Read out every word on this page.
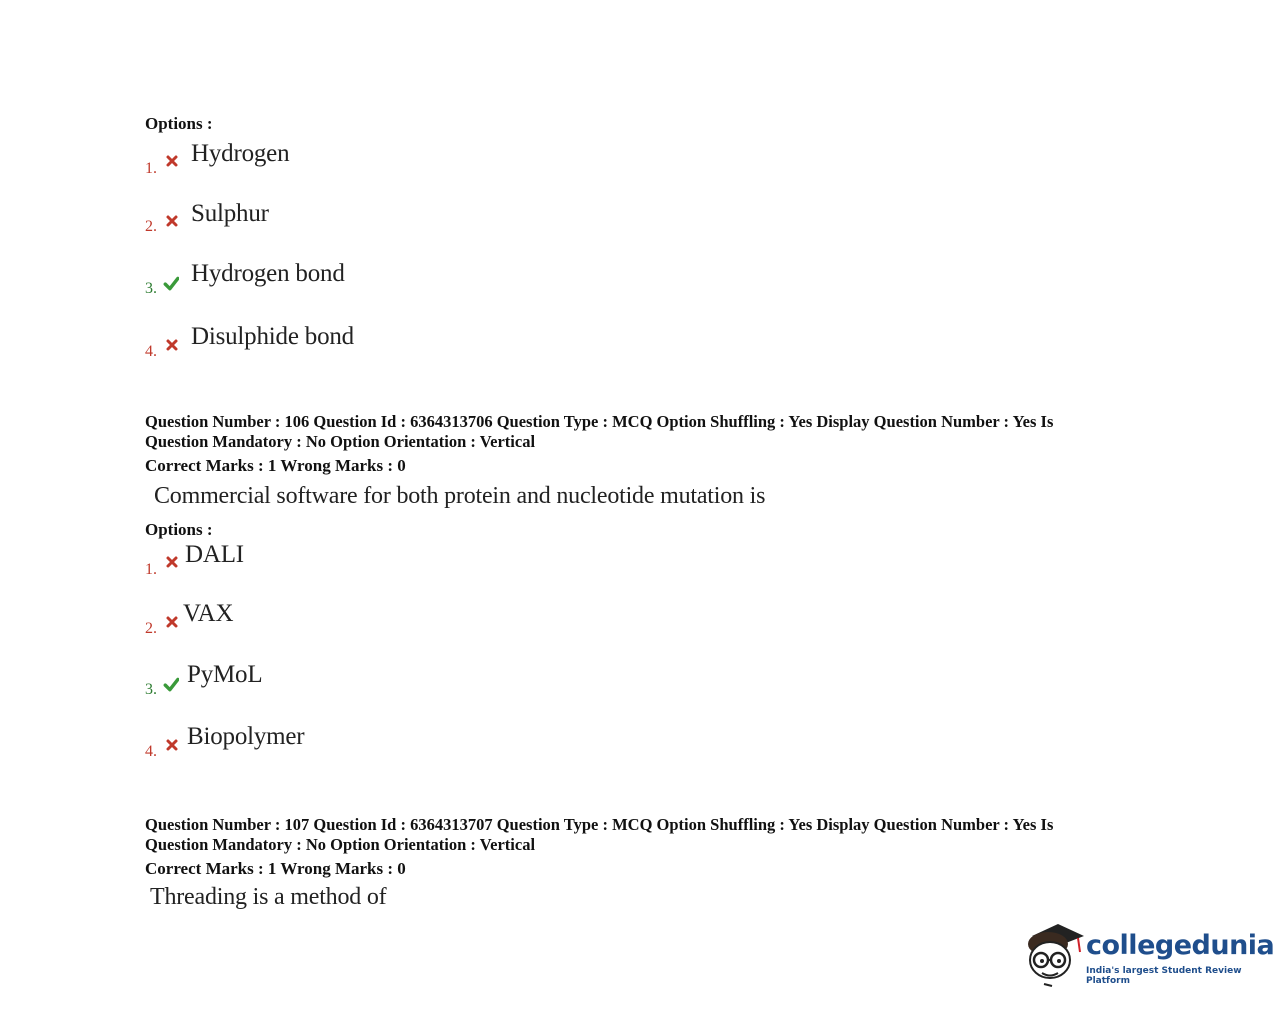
Options :
1.  Hydrogen
2. Sulphur
3.  Hydrogen bond
4.  Disulphide bond
Question Number : 106 Question Id : 6364313706 Question Type : MCQ Option Shuffling : Yes Display Question Number : Yes Is
Question Mandatory : No Option Orientation : Vertical
Correct Marks : 1 Wrong Marks : 0
Commercial software for both protein and nucleotide mutation is
Options :
1.  DALI
2.  VAX
3.  PyMoL
4.  Biopolymer
Question Number : 107 Question Id : 6364313707 Question Type : MCQ Option Shuffling : Yes Display Question Number : Yes Is
Question Mandatory : No Option Orientation : Vertical
Correct Marks : 1 Wrong Marks : 0
Threading is a method of
collegedunia
India's largest Student Review Platform
